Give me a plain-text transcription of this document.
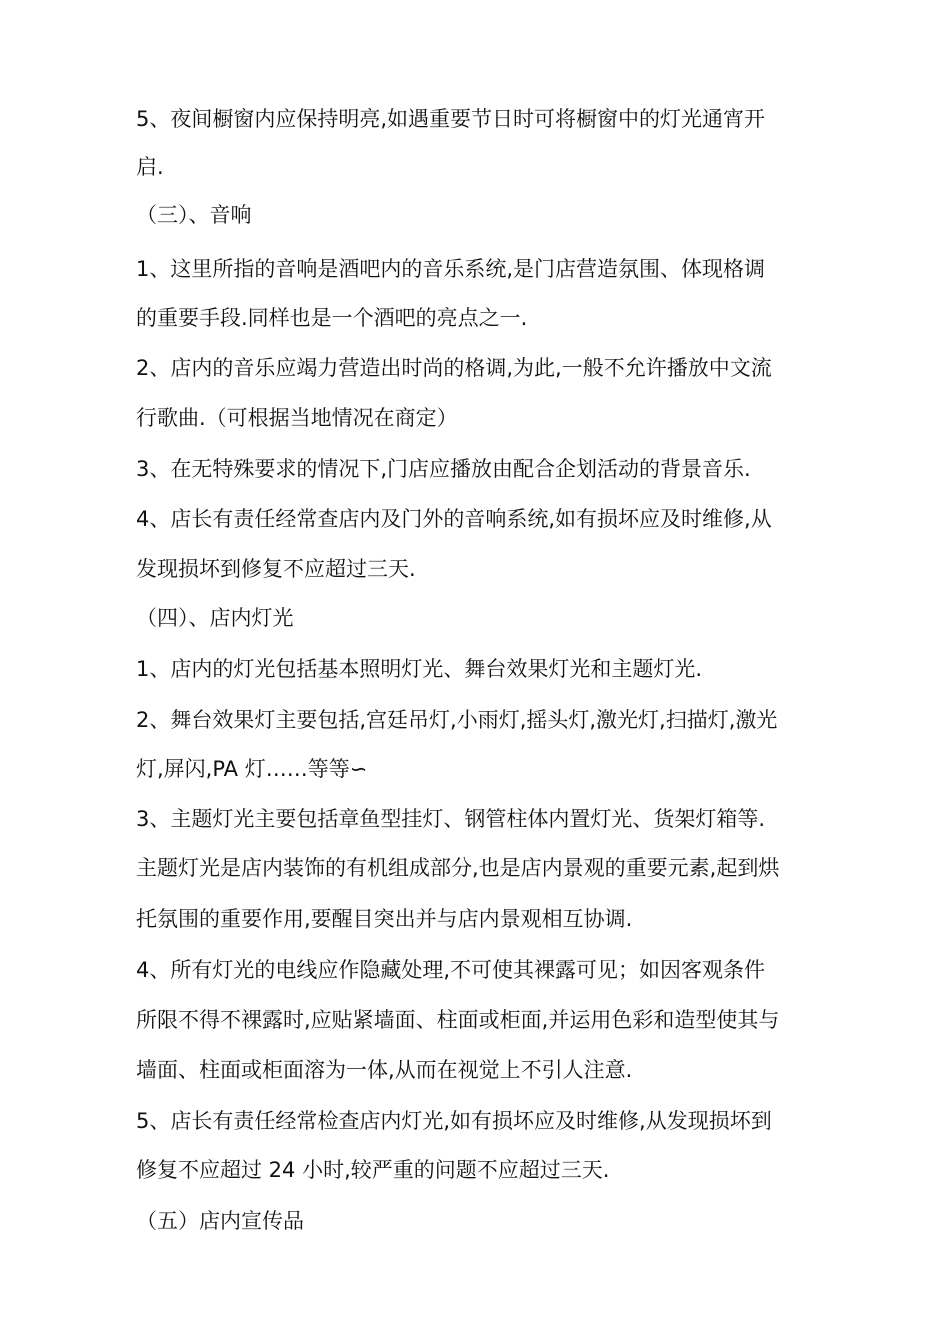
5、夜间橱窗内应保持明亮,如遇重要节日时可将橱窗中的灯光通宵开
启.
（三）、音响
1、这里所指的音响是酒吧内的音乐系统,是门店营造氛围、体现格调
的重要手段.同样也是一个酒吧的亮点之一.
2、店内的音乐应竭力营造出时尚的格调,为此,一般不允许播放中文流
行歌曲.（可根据当地情况在商定）
3、在无特殊要求的情况下,门店应播放由配合企划活动的背景音乐.
4、店长有责任经常查店内及门外的音响系统,如有损坏应及时维修,从
发现损坏到修复不应超过三天.
（四）、店内灯光
1、店内的灯光包括基本照明灯光、舞台效果灯光和主题灯光.
2、舞台效果灯主要包括,宫廷吊灯,小雨灯,摇头灯,激光灯,扫描灯,激光
灯,屏闪,PA 灯……等等∽
3、主题灯光主要包括章鱼型挂灯、钢管柱体内置灯光、货架灯箱等.
主题灯光是店内装饰的有机组成部分,也是店内景观的重要元素,起到烘
托氛围的重要作用,要醒目突出并与店内景观相互协调.
4、所有灯光的电线应作隐藏处理,不可使其裸露可见；如因客观条件
所限不得不裸露时,应贴紧墙面、柱面或柜面,并运用色彩和造型使其与
墙面、柱面或柜面溶为一体,从而在视觉上不引人注意.
5、店长有责任经常检查店内灯光,如有损坏应及时维修,从发现损坏到
修复不应超过 24 小时,较严重的问题不应超过三天.
（五）店内宣传品
